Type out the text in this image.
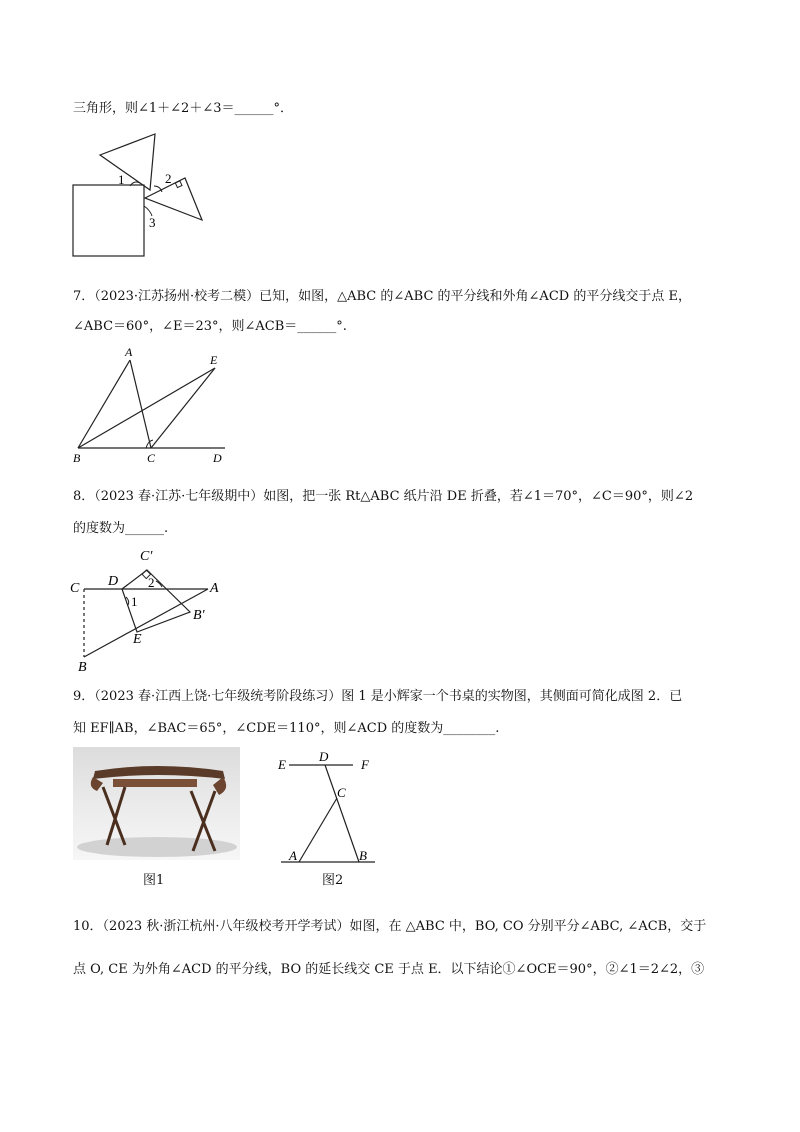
三角形，则∠1＋∠2＋∠3＝______°．
1	2
3
7．（2023·江苏扬州·校考二模）已知，如图，△ABC 的∠ABC 的平分线和外角∠ACD 的平分线交于点 E，
∠ABC＝60°，∠E＝23°，则∠ACB＝______°.
A
E
B	C	D
8．（2023 春·江苏·七年级期中）如图，把一张 Rt△ABC 纸片沿 DE 折叠，若∠1＝70°，∠C＝90°，则∠2
的度数为______.
C'
C D 2	A
1
B'
E
B
9．（2023 春·江西上饶·七年级统考阶段练习）图 1 是小辉家一个书桌的实物图，其侧面可简化成图 2．已
知 EF∥AB，∠BAC＝65°，∠CDE＝110°，则∠ACD 的度数为________.
图1
E
D
F
C
A	B
图2
10．（2023 秋·浙江杭州·八年级校考开学考试）如图，在 △ABC 中，BO, CO 分别平分∠ABC, ∠ACB，交于
点 O, CE 为外角∠ACD 的平分线，BO 的延长线交 CE 于点 E．以下结论①∠OCE＝90°，②∠1＝2∠2，③
